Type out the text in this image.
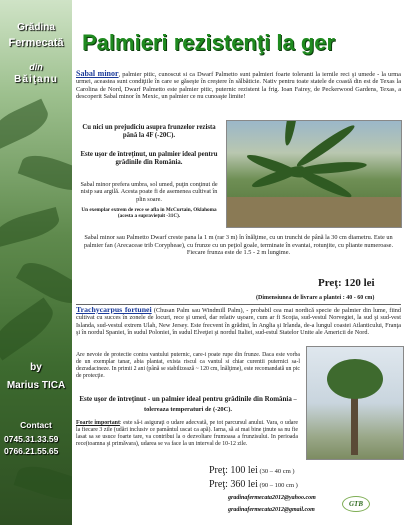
Grădina
Fermecată
din
Băiţanu
by
Marius TICA
Contact
0745.31.33.59
0766.21.55.65
Palmieri rezistenţi la ger
Sabal minor, palmier pitic, cunoscut si ca Dwarf Palmetto sunt palmieri foarte toleranti la iernile reci şi umede - la urma urmei, aceastea sunt condiţiile în care se găseşte în creştere în sălbăticie. Nativ pentru toate statele de coastă din est de Texas la Carolina de Nord, Dwarf Palmetto este palmier pitic, puternic rezistent la frig. Ioan Fairey, de Peckerwood Gardens, Texas, a descoperit Sabal minor în Mexic, un palmier ce nu cunoaşte limite!
Cu nici un prejudiciu asupra frunzelor rezista până la 4F (-20C).
Este uşor de întreţinut, un palmier ideal pentru grădinile din România.
Sabal minor prefera umbra, sol umed, puţin conţinut de nisip sau argilă. Acesta poate fi de asemenea cultivat în plin soare.
Un exemplar extrem de rece se afla in McCurtain, Oklahoma (acesta a supravieţuit -31C).
Sabal minor sau Palmetto Dwarf creste pana la 1 m (rar 3 m) în înălţime, cu un trunchi de până la 30 cm diametru. Este un palmier fan (Arecaceae trib Corypheae), cu frunze cu un peţiol goale, terminate în evantai, rotunjite, cu pliante numeroase. Fiecare frunza este de 1.5 - 2 m lungime.
Preţ: 120 lei
(Dimensiunea de livrare a plantei : 40 - 60 cm)
Trachycarpus fortunei (Chusan Palm sau Windmill Palm), - probabil cea mai nordică specie de palmier din lume, fiind cultivat cu succes în zonele de locuri, rece şi umed, dar relativ uşoare, cum ar fi Scoţia, sud-vestul Norvegiei, la sud şi sud-vest Islanda, sud-vestul extrem Ulah, New Jersey. Este frecvent în grădini, în Anglia şi Irlanda, de-a lungul coastei Atlanticului, Franţa şi în nordul Spaniei, în sudul Poloniei, în sudul Elveţiei şi nordul Italiei, sud-estul Statelor Unite ale Americii de Nord.
Are nevoie de protectie contra vantului puternic, care-i poate rupe din frunze. Daca este vorba de un exemplar tanar, abia plantat, exista riscul ca vantul si chiar curentii puternici sa-l dezradacineze. In primii 2 ani (până se stabilizează ~ 120 cm, înălţime), este recomandată un pic de protecţie.
Este uşor de întreţinut - un palmier ideal pentru grădinile din România – tolereaza temperaturi de (-20C).
Foarte important: este să-i asiguraţi o udare adecvată, pe tot parcursul anului. Vara, o udare la fiecare 3 zile (udări inclusiv ce pamântul uscat ca apă). Iarna, să ai mai bine ţinute sa nu fie lasat sa se usuce foarte tare, va contribui la o dezvoltare frumoasa a frunzisului. In perioada rece(toamna şi primăvara), udarea se va face la un interval de 10-12 zile.
Preţ: 100 lei (30 – 40 cm )
Preţ: 360 lei (90 – 100 cm )
gradinafermecata2012@yahoo.com
gradinafermecata2012@gmail.com
GTB
